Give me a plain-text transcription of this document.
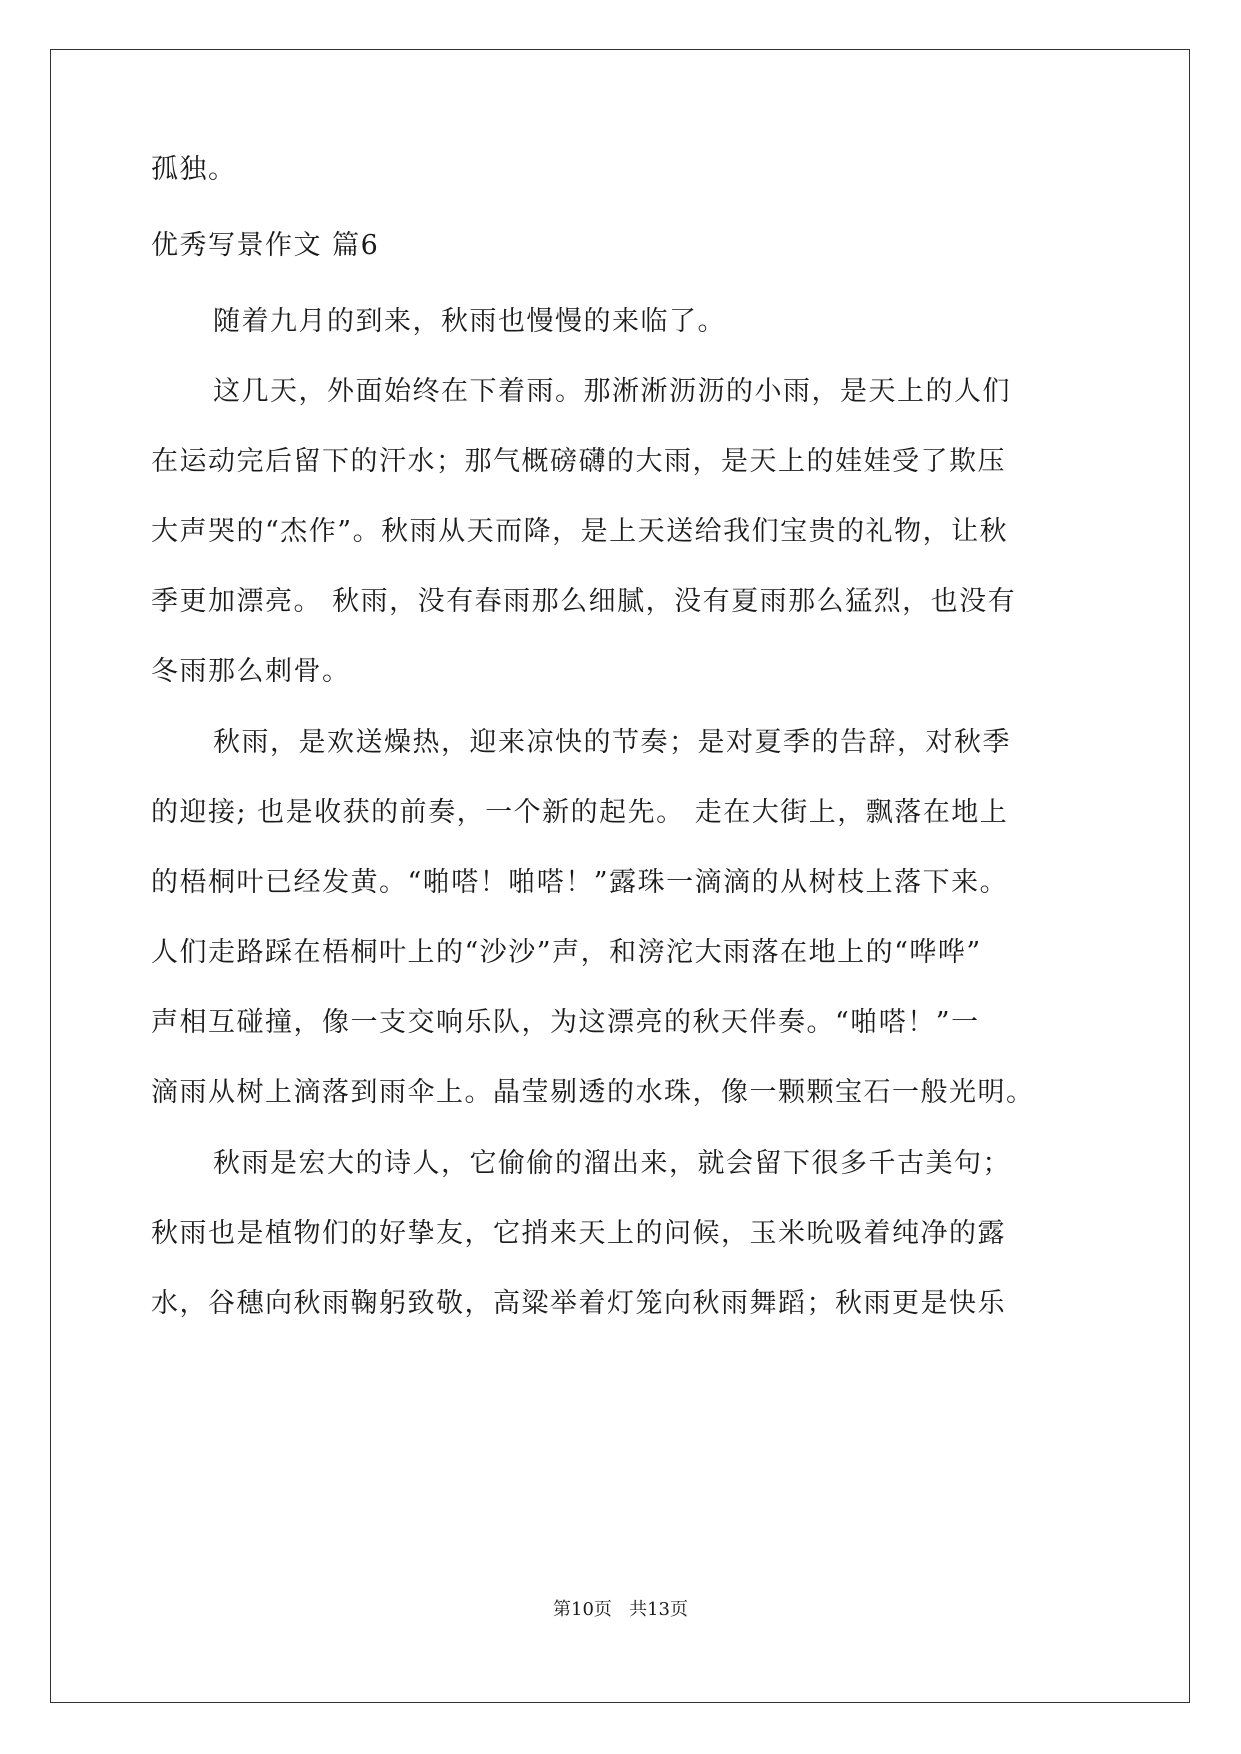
孤独。
优秀写景作文 篇6
随着九月的到来，秋雨也慢慢的来临了。
这几天，外面始终在下着雨。那淅淅沥沥的小雨，是天上的人们
在运动完后留下的汗水；那气概磅礴的大雨，是天上的娃娃受了欺压
大声哭的“杰作”。秋雨从天而降，是上天送给我们宝贵的礼物，让秋
季更加漂亮。 秋雨，没有春雨那么细腻，没有夏雨那么猛烈，也没有
冬雨那么刺骨。
秋雨，是欢送燥热，迎来凉快的节奏；是对夏季的告辞，对秋季
的迎接; 也是收获的前奏，一个新的起先。 走在大街上，飘落在地上
的梧桐叶已经发黄。“啪嗒！啪嗒！”露珠一滴滴的从树枝上落下来。
人们走路踩在梧桐叶上的“沙沙”声，和滂沱大雨落在地上的“哗哗”
声相互碰撞，像一支交响乐队，为这漂亮的秋天伴奏。“啪嗒！”一
滴雨从树上滴落到雨伞上。晶莹剔透的水珠，像一颗颗宝石一般光明。
秋雨是宏大的诗人，它偷偷的溜出来，就会留下很多千古美句；
秋雨也是植物们的好挚友，它捎来天上的问候，玉米吮吸着纯净的露
水，谷穗向秋雨鞠躬致敬，高粱举着灯笼向秋雨舞蹈；秋雨更是快乐
第10页   共13页
